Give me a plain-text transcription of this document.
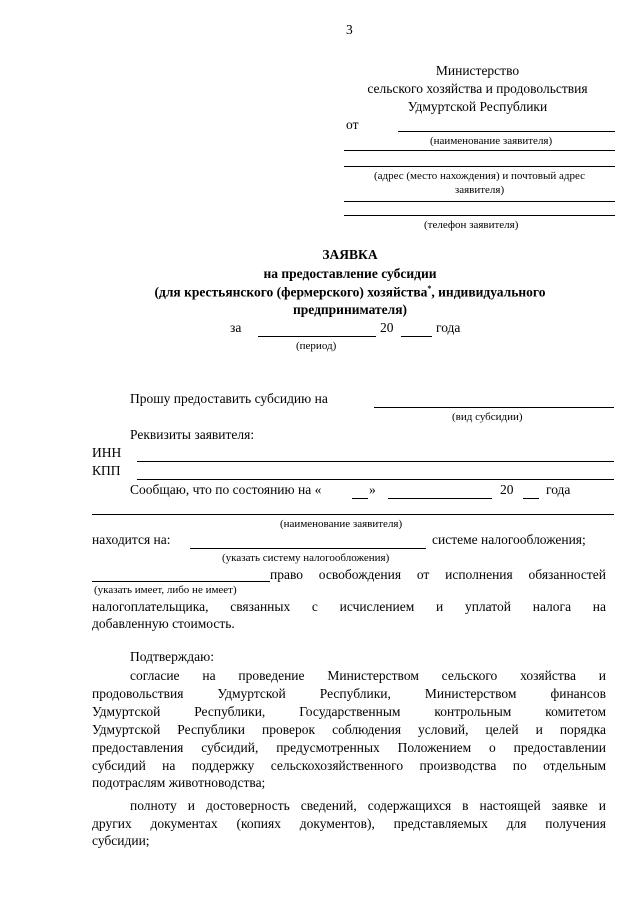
3
Министерство
сельского хозяйства и продовольствия
Удмуртской Республики
от
(наименование заявителя)
(адрес (место нахождения) и почтовый адрес
заявителя)
(телефон заявителя)
ЗАЯВКА
на предоставление субсидии
(для крестьянского (фермерского) хозяйства*, индивидуального
предпринимателя)
за	20	года
(период)
Прошу предоставить субсидию на
(вид субсидии)
Реквизиты заявителя:
ИНН
КПП
Сообщаю, что по состоянию на «	»	20 года
(наименование заявителя)
находится на:	системе налогообложения;
(указать систему налогообложения)
право освобождения от исполнения обязанностей
(указать имеет, либо не имеет)
налогоплательщика, связанных с исчислением и уплатой налога на
добавленную стоимость.
Подтверждаю:
согласие на проведение Министерством сельского хозяйства и
продовольствия Удмуртской Республики, Министерством финансов
Удмуртской Республики, Государственным контрольным комитетом
Удмуртской Республики проверок соблюдения условий, целей и порядка
предоставления субсидий, предусмотренных Положением о предоставлении
субсидий на поддержку сельскохозяйственного производства по отдельным
подотраслям животноводства;
полноту и достоверность сведений, содержащихся в настоящей заявке и
других документах (копиях документов), представляемых для получения
субсидии;
